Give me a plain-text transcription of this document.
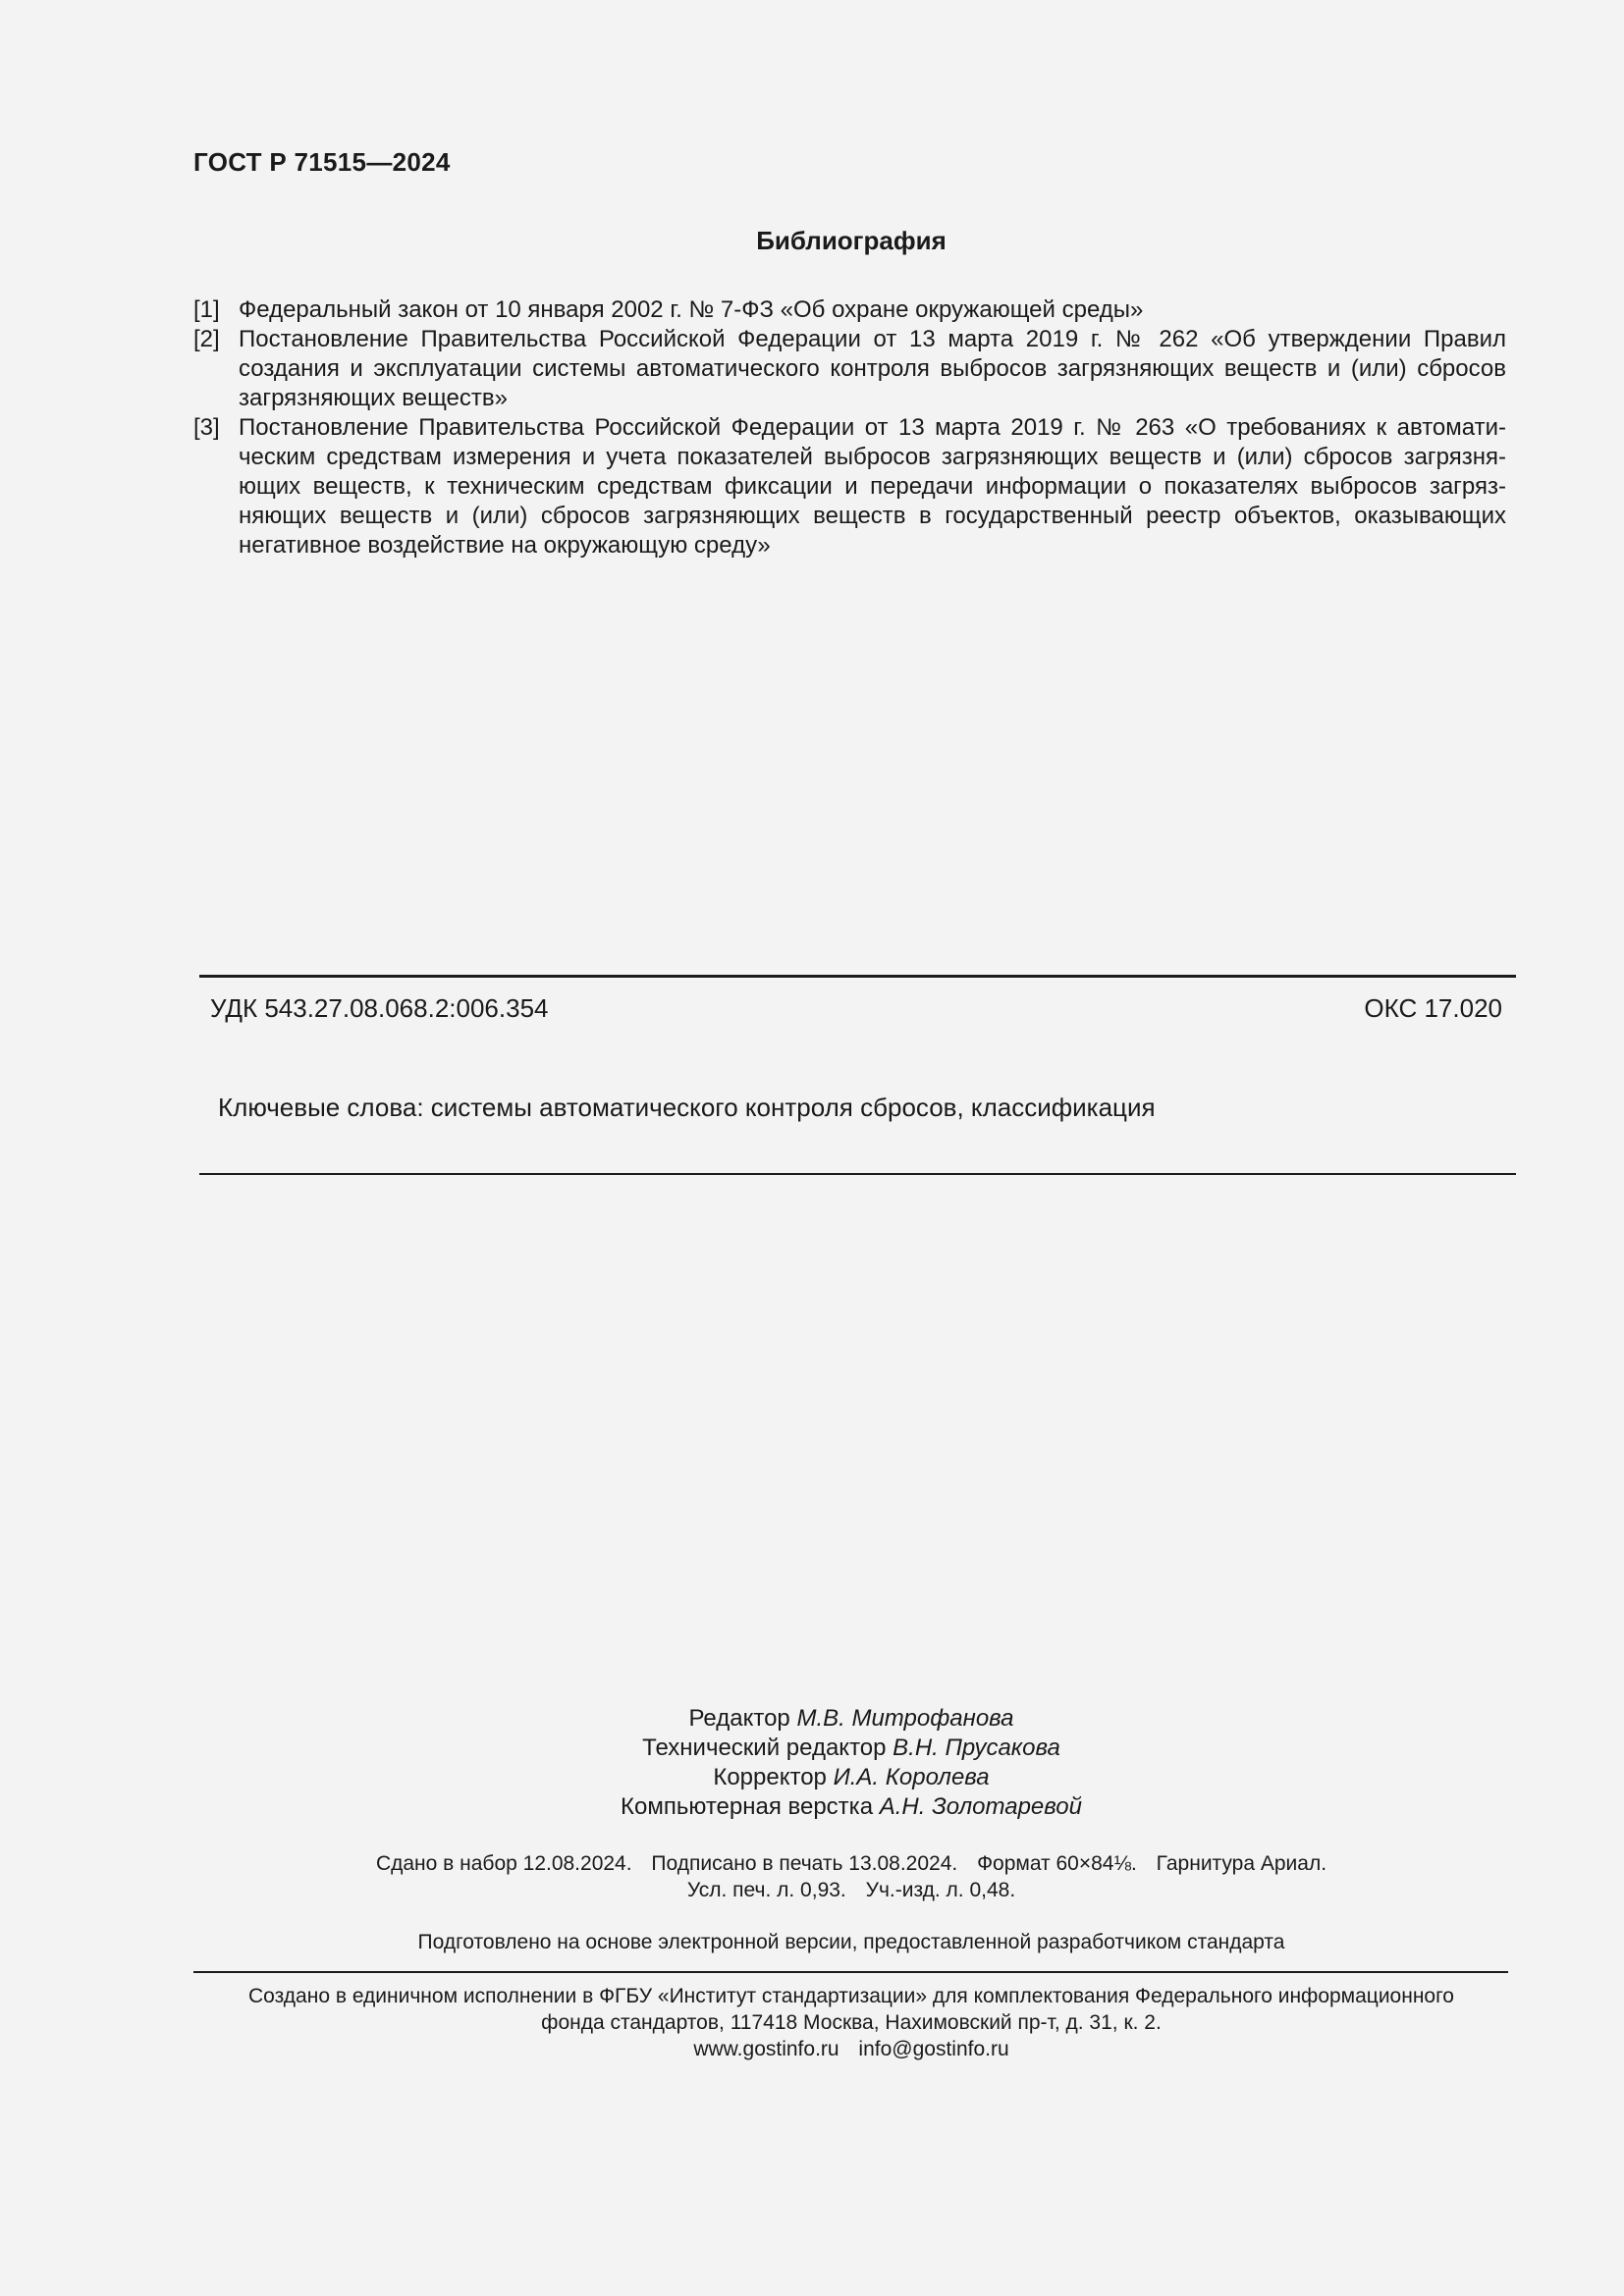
ГОСТ Р 71515—2024
Библиография
[1] Федеральный закон от 10 января 2002 г. № 7-ФЗ «Об охране окружающей среды»
[2] Постановление Правительства Российской Федерации от 13 марта 2019 г. № 262 «Об утверждении Правил создания и эксплуатации системы автоматического контроля выбросов загрязняющих веществ и (или) сбросов загрязняющих веществ»
[3] Постановление Правительства Российской Федерации от 13 марта 2019 г. № 263 «О требованиях к автоматическим средствам измерения и учета показателей выбросов загрязняющих веществ и (или) сбросов загрязняющих веществ, к техническим средствам фиксации и передачи информации о показателях выбросов загрязняющих веществ и (или) сбросов загрязняющих веществ в государственный реестр объектов, оказывающих негативное воздействие на окружающую среду»
УДК 543.27.08.068.2:006.354	ОКС 17.020
Ключевые слова: системы автоматического контроля сбросов, классификация
Редактор М.В. Митрофанова
Технический редактор В.Н. Прусакова
Корректор И.А. Королева
Компьютерная верстка А.Н. Золотаревой
Сдано в набор 12.08.2024. Подписано в печать 13.08.2024. Формат 60×84⅛. Гарнитура Ариал.
Усл. печ. л. 0,93. Уч.-изд. л. 0,48.
Подготовлено на основе электронной версии, предоставленной разработчиком стандарта
Создано в единичном исполнении в ФГБУ «Институт стандартизации» для комплектования Федерального информационного
фонда стандартов, 117418 Москва, Нахимовский пр-т, д. 31, к. 2.
www.gostinfo.ru info@gostinfo.ru
